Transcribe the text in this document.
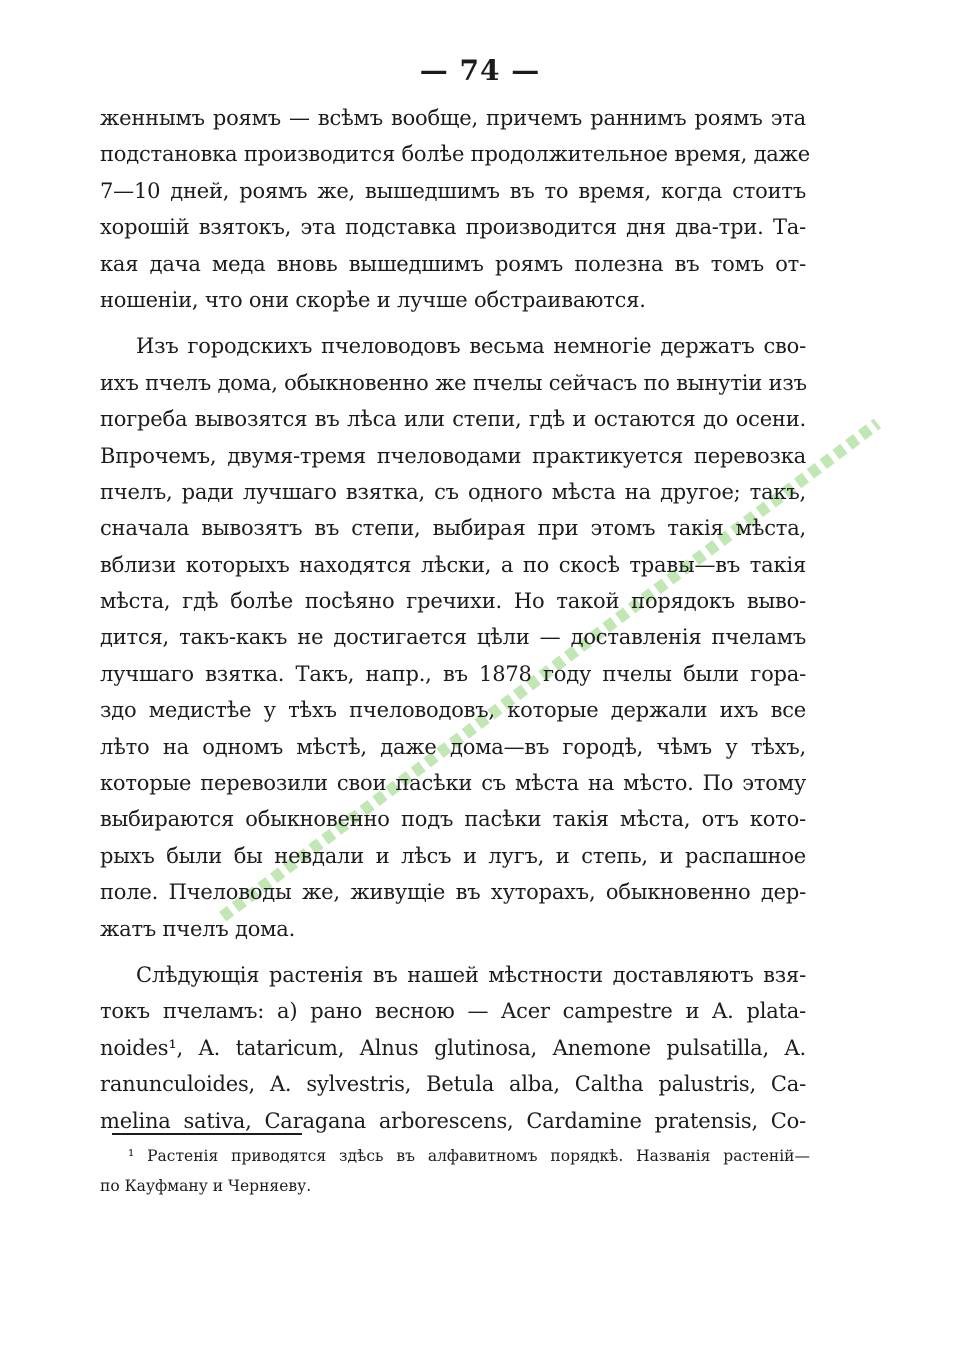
— 74 —
женнымъ роямъ — всѣмъ вообще, причемъ раннимъ роямъ эта
подстановка производится болѣе продолжительное время, даже
7—10 дней, роямъ же, вышедшимъ въ то время, когда стоитъ
хорошій взятокъ, эта подставка производится дня два-три. Та-
кая дача меда вновь вышедшимъ роямъ полезна въ томъ от-
ношеніи, что они скорѣе и лучше обстраиваются.
Изъ городскихъ пчеловодовъ весьма немногіе держатъ сво-
ихъ пчелъ дома, обыкновенно же пчелы сейчасъ по вынутіи изъ
погреба вывозятся въ лѣса или степи, гдѣ и остаются до осени.
Впрочемъ, двумя-тремя пчеловодами практикуется перевозка
пчелъ, ради лучшаго взятка, съ одного мѣста на другое; такъ,
сначала вывозятъ въ степи, выбирая при этомъ такія мѣста,
вблизи которыхъ находятся лѣски, а по скосѣ травы—въ такія
мѣста, гдѣ болѣе посѣяно гречихи. Но такой порядокъ выво-
дится, такъ-какъ не достигается цѣли — доставленія пчеламъ
лучшаго взятка. Такъ, напр., въ 1878 году пчелы были гора-
здо медистѣе у тѣхъ пчеловодовъ, которые держали ихъ все
лѣто на одномъ мѣстѣ, даже дома—въ городѣ, чѣмъ у тѣхъ,
которые перевозили свои пасѣки съ мѣста на мѣсто. По этому
выбираются обыкновенно подъ пасѣки такія мѣста, отъ кото-
рыхъ были бы невдали и лѣсъ и лугъ, и степь, и распашное
поле. Пчеловоды же, живущіе въ хуторахъ, обыкновенно дер-
жатъ пчелъ дома.
Слѣдующія растенія въ нашей мѣстности доставляютъ взя-
токъ пчеламъ: а) рано весною — Acer campestre и A. plata-
noides¹, A. tataricum, Alnus glutinosa, Anemone pulsatilla, A.
ranunculoides, A. sylvestris, Betula alba, Caltha palustris, Ca-
melina sativa, Caragana arborescens, Cardamine pratensis, Co-
¹ Растенія приводятся здѣсь въ алфавитномъ порядкѣ. Названія растеній—
по Кауфману и Черняеву.
